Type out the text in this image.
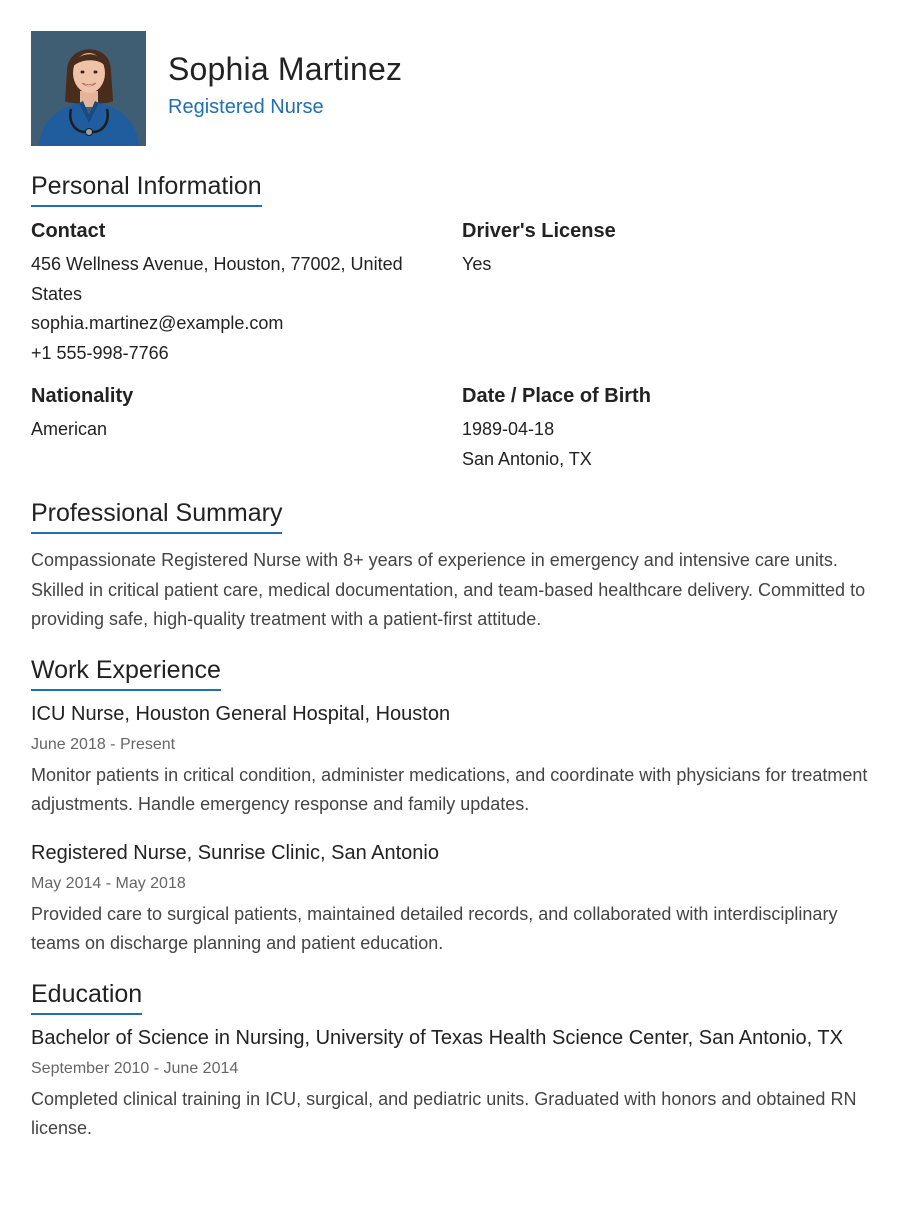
Sophia Martinez
Registered Nurse
Personal Information
Contact
456 Wellness Avenue, Houston, 77002, United States
sophia.martinez@example.com
+1 555-998-7766
Driver's License
Yes
Nationality
American
Date / Place of Birth
1989-04-18
San Antonio, TX
Professional Summary
Compassionate Registered Nurse with 8+ years of experience in emergency and intensive care units. Skilled in critical patient care, medical documentation, and team-based healthcare delivery. Committed to providing safe, high-quality treatment with a patient-first attitude.
Work Experience
ICU Nurse, Houston General Hospital, Houston
June 2018 - Present
Monitor patients in critical condition, administer medications, and coordinate with physicians for treatment adjustments. Handle emergency response and family updates.
Registered Nurse, Sunrise Clinic, San Antonio
May 2014 - May 2018
Provided care to surgical patients, maintained detailed records, and collaborated with interdisciplinary teams on discharge planning and patient education.
Education
Bachelor of Science in Nursing, University of Texas Health Science Center, San Antonio, TX
September 2010 - June 2014
Completed clinical training in ICU, surgical, and pediatric units. Graduated with honors and obtained RN license.
